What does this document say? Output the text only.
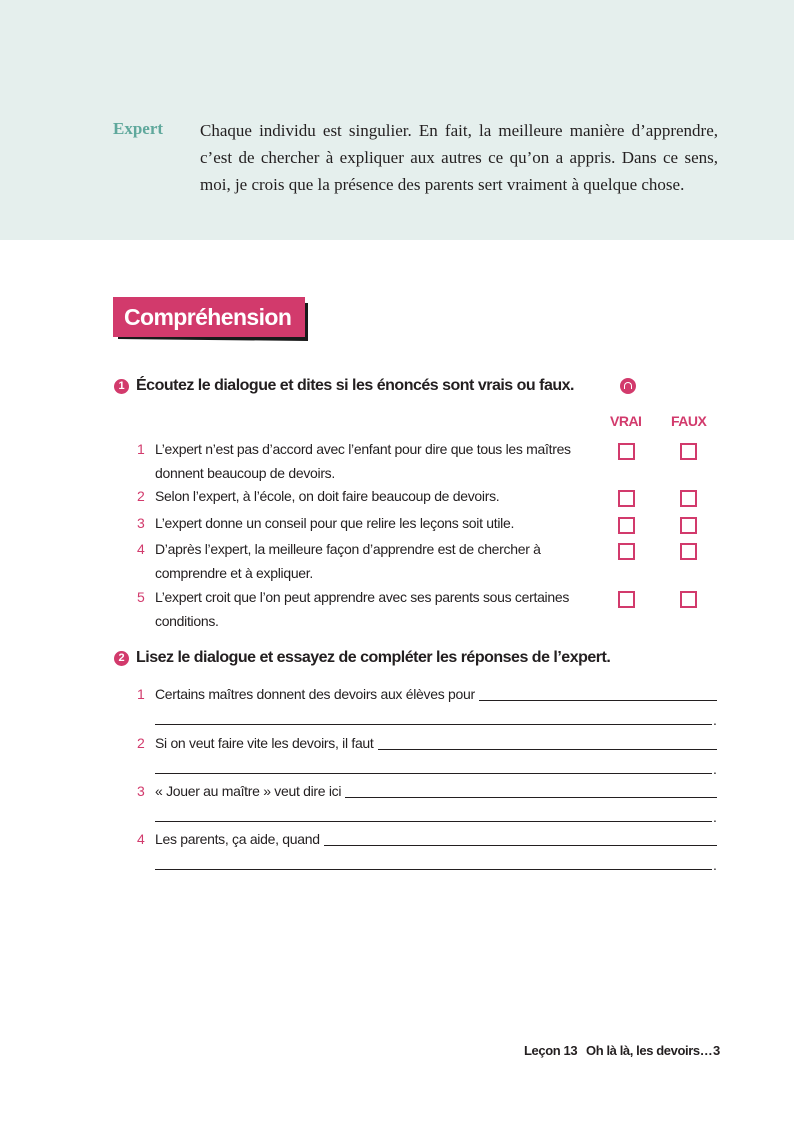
Expert Chaque individu est singulier. En fait, la meilleure manière d’apprendre, c’est de chercher à expliquer aux autres ce qu’on a appris. Dans ce sens, moi, je crois que la présence des parents sert vraiment à quelque chose.
Compréhension
1 Écoutez le dialogue et dites si les énoncés sont vrais ou faux.
VRAI FAUX
1 L’expert n’est pas d’accord avec l’enfant pour dire que tous les maîtres donnent beaucoup de devoirs.
2 Selon l’expert, à l’école, on doit faire beaucoup de devoirs.
3 L’expert donne un conseil pour que relire les leçons soit utile.
4 D’après l’expert, la meilleure façon d’apprendre est de chercher à comprendre et à expliquer.
5 L’expert croit que l’on peut apprendre avec ses parents sous certaines conditions.
2 Lisez le dialogue et essayez de compléter les réponses de l’expert.
1 Certains maîtres donnent des devoirs aux élèves pour
.
2 Si on veut faire vite les devoirs, il faut
.
3 « Jouer au maître » veut dire ici
.
4 Les parents, ça aide, quand
.
Leçon 13 Oh là là, les devoirs… 3
